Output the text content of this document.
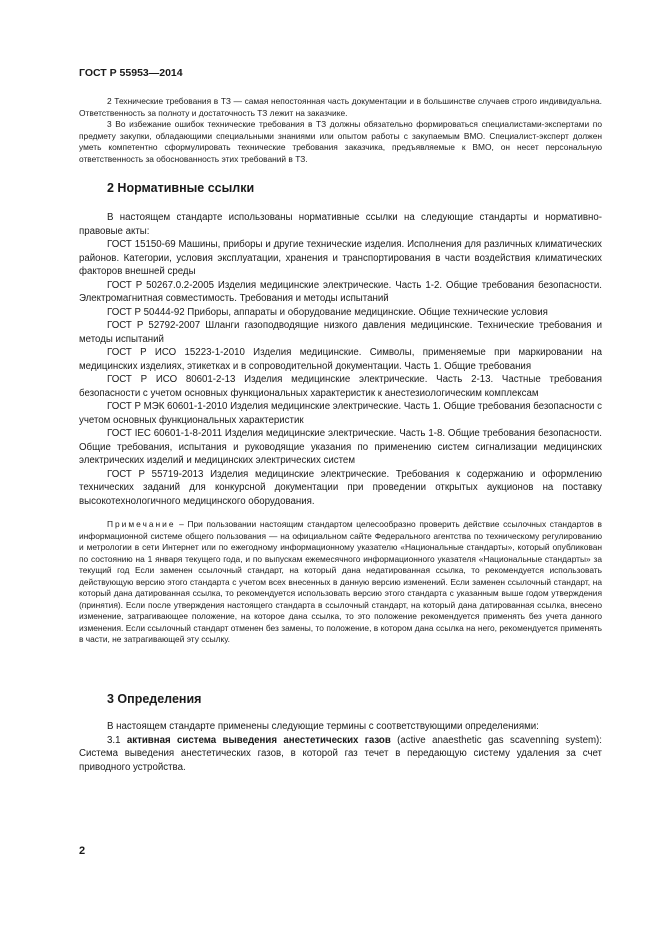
ГОСТ Р 55953—2014

2 Технические требования в ТЗ — самая непостоянная часть документации и в большинстве случаев строго индивидуальна. Ответственность за полноту и достаточность ТЗ лежит на заказчике.

3 Во избежание ошибок технические требования в ТЗ должны обязательно формироваться специалистами-экспертами по предмету закупки, обладающими специальными знаниями или опытом работы с закупаемым ВМО. Специалист-эксперт должен уметь компетентно сформулировать технические требования заказчика, предъявляемые к ВМО, он несет персональную ответственность за обоснованность этих требований в ТЗ.

2 Нормативные ссылки

В настоящем стандарте использованы нормативные ссылки на следующие стандарты и нормативно-правовые акты:

ГОСТ 15150-69 Машины, приборы и другие технические изделия. Исполнения для различных климатических районов. Категории, условия эксплуатации, хранения и транспортирования в части воздействия климатических факторов внешней среды

ГОСТ Р 50267.0.2-2005 Изделия медицинские электрические. Часть 1-2. Общие требования безопасности. Электромагнитная совместимость. Требования и методы испытаний

ГОСТ Р 50444-92 Приборы, аппараты и оборудование медицинские. Общие технические условия

ГОСТ Р 52792-2007 Шланги газоподводящие низкого давления медицинские. Технические требования и методы испытаний

ГОСТ Р ИСО 15223-1-2010 Изделия медицинские. Символы, применяемые при маркировании на медицинских изделиях, этикетках и в сопроводительной документации. Часть 1. Общие требования

ГОСТ Р ИСО 80601-2-13 Изделия медицинские электрические. Часть 2-13. Частные требования безопасности с учетом основных функциональных характеристик к анестезиологическим комплексам

ГОСТ Р МЭК 60601-1-2010 Изделия медицинские электрические. Часть 1. Общие требования безопасности с учетом основных функциональных характеристик

ГОСТ IEC 60601-1-8-2011 Изделия медицинские электрические. Часть 1-8. Общие требования безопасности. Общие требования, испытания и руководящие указания по применению систем сигнализации медицинских электрических изделий и медицинских электрических систем

ГОСТ Р 55719-2013 Изделия медицинские электрические. Требования к содержанию и оформлению технических заданий для конкурсной документации при проведении открытых аукционов на поставку высокотехнологичного медицинского оборудования.

Примечание – При пользовании настоящим стандартом целесообразно проверить действие ссылочных стандартов в информационной системе общего пользования — на официальном сайте Федерального агентства по техническому регулированию и метрологии в сети Интернет или по ежегодному информационному указателю «Национальные стандарты», который опубликован по состоянию на 1 января текущего года, и по выпускам ежемесячного информационного указателя «Национальные стандарты» за текущий год Если заменен ссылочный стандарт, на который дана недатированная ссылка, то рекомендуется использовать действующую версию этого стандарта с учетом всех внесенных в данную версию изменений. Если заменен ссылочный стандарт, на который дана датированная ссылка, то рекомендуется использовать версию этого стандарта с указанным выше годом утверждения (принятия). Если после утверждения настоящего стандарта в ссылочный стандарт, на который дана датированная ссылка, внесено изменение, затрагивающее положение, на которое дана ссылка, то это положение рекомендуется применять без учета данного изменения. Если ссылочный стандарт отменен без замены, то положение, в котором дана ссылка на него, рекомендуется применять в части, не затрагивающей эту ссылку.

3 Определения

В настоящем стандарте применены следующие термины с соответствующими определениями:

3.1 активная система выведения анестетических газов (active anaesthetic gas scavenning system): Система выведения анестетических газов, в которой газ течет в передающую систему удаления за счет приводного устройства.

2
